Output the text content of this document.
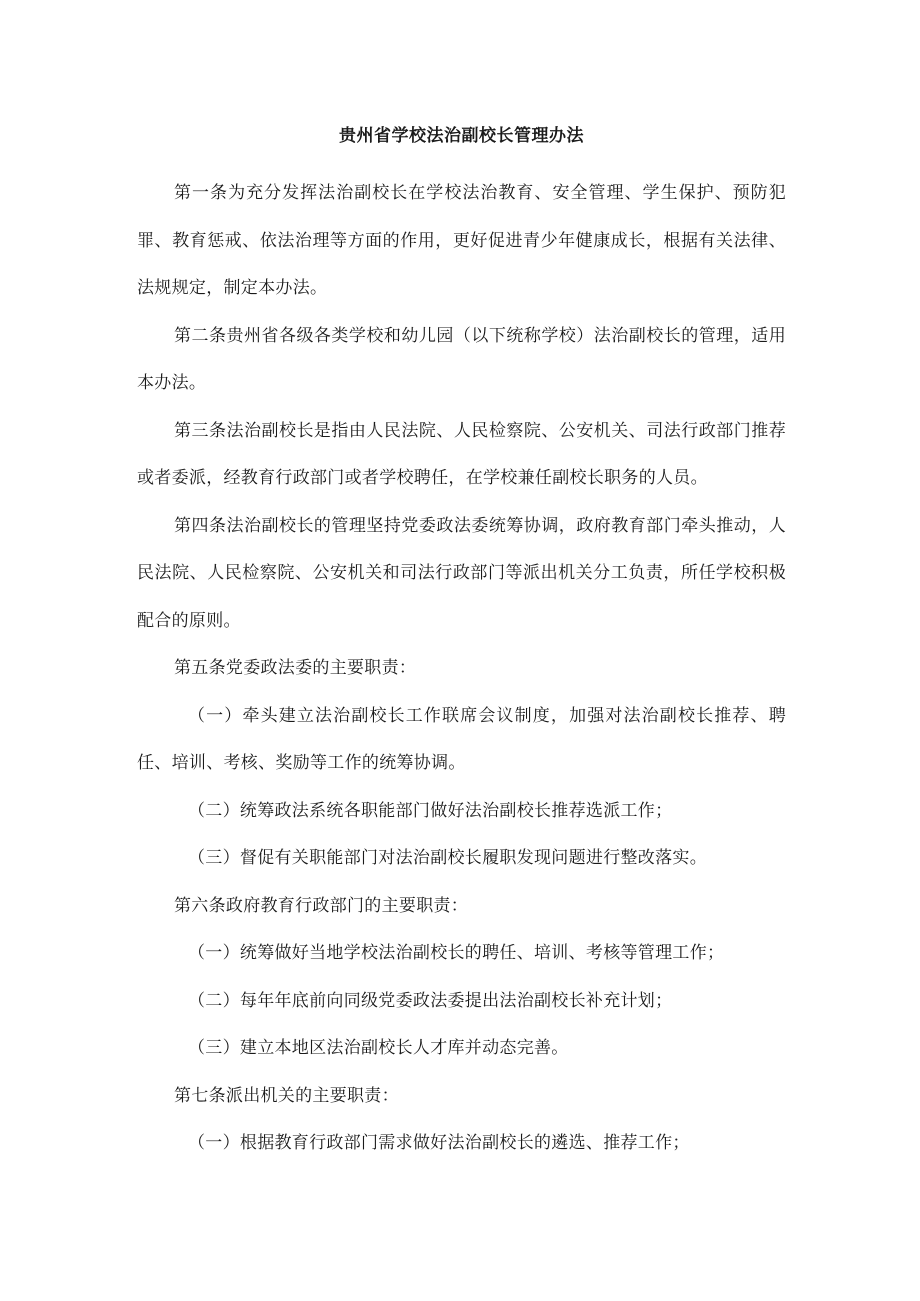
贵州省学校法治副校长管理办法

第一条为充分发挥法治副校长在学校法治教育、安全管理、学生保护、预防犯罪、教育惩戒、依法治理等方面的作用，更好促进青少年健康成长，根据有关法律、法规规定，制定本办法。

第二条贵州省各级各类学校和幼儿园（以下统称学校）法治副校长的管理，适用本办法。

第三条法治副校长是指由人民法院、人民检察院、公安机关、司法行政部门推荐或者委派，经教育行政部门或者学校聘任，在学校兼任副校长职务的人员。

第四条法治副校长的管理坚持党委政法委统筹协调，政府教育部门牵头推动，人民法院、人民检察院、公安机关和司法行政部门等派出机关分工负责，所任学校积极配合的原则。

第五条党委政法委的主要职责：

（一）牵头建立法治副校长工作联席会议制度，加强对法治副校长推荐、聘任、培训、考核、奖励等工作的统筹协调。

（二）统筹政法系统各职能部门做好法治副校长推荐选派工作；

（三）督促有关职能部门对法治副校长履职发现问题进行整改落实。

第六条政府教育行政部门的主要职责：

（一）统筹做好当地学校法治副校长的聘任、培训、考核等管理工作；

（二）每年年底前向同级党委政法委提出法治副校长补充计划；

（三）建立本地区法治副校长人才库并动态完善。

第七条派出机关的主要职责：

（一）根据教育行政部门需求做好法治副校长的遴选、推荐工作；
